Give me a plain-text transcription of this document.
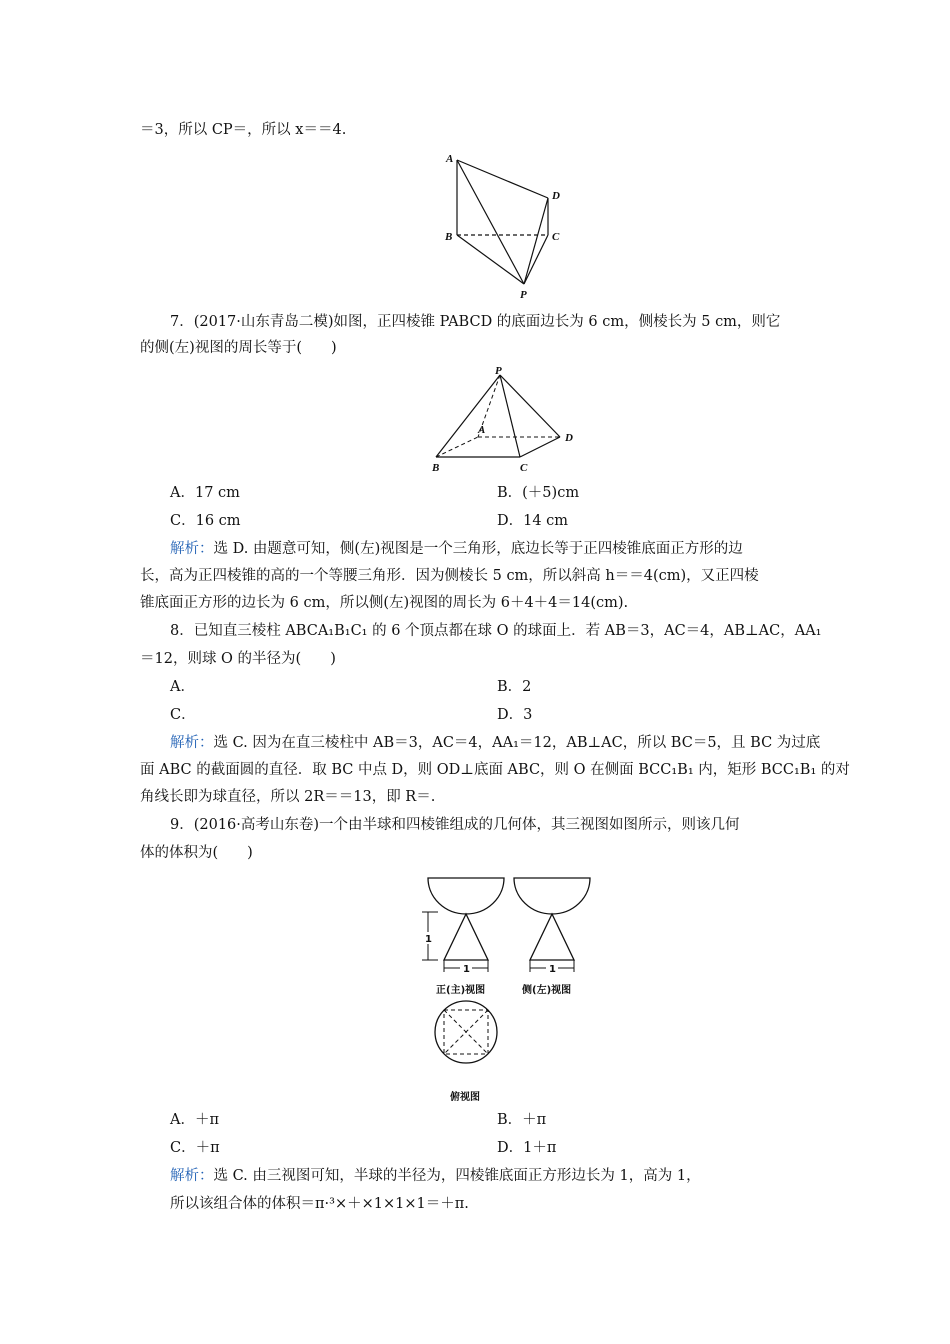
＝3，所以 CP＝，所以 x＝＝4.
A
D
B	C
P
7．(2017·山东青岛二模)如图，正四棱锥 PABCD 的底面边长为 6 cm，侧棱长为 5 cm，则它
的侧(左)视图的周长等于(　　)
P
A
D
B	C
A．17 cm	B．(＋5)cm
C．16 cm	D．14 cm
解析：选 D. 由题意可知，侧(左)视图是一个三角形，底边长等于正四棱锥底面正方形的边
长，高为正四棱锥的高的一个等腰三角形．因为侧棱长 5 cm，所以斜高 h＝＝4(cm)，又正四棱
锥底面正方形的边长为 6 cm，所以侧(左)视图的周长为 6＋4＋4＝14(cm).
8．已知直三棱柱 ABCA₁B₁C₁ 的 6 个顶点都在球 O 的球面上．若 AB＝3，AC＝4，AB⊥AC，AA₁
＝12，则球 O 的半径为(　　)
A．	B．2
C．	D．3
解析：选 C. 因为在直三棱柱中 AB＝3，AC＝4，AA₁＝12，AB⊥AC，所以 BC＝5，且 BC 为过底
面 ABC 的截面圆的直径．取 BC 中点 D，则 OD⊥底面 ABC，则 O 在侧面 BCC₁B₁ 内，矩形 BCC₁B₁ 的对
角线长即为球直径，所以 2R＝＝13，即 R＝.
9．(2016·高考山东卷)一个由半球和四棱锥组成的几何体，其三视图如图所示，则该几何
体的体积为(　　)
1
1	1
正(主)视图	侧(左)视图
俯视图
A．＋π	B．＋π
C．＋π	D．1＋π
解析：选 C. 由三视图可知，半球的半径为，四棱锥底面正方形边长为 1，高为 1，
所以该组合体的体积＝π·³×＋×1×1×1＝＋π.
